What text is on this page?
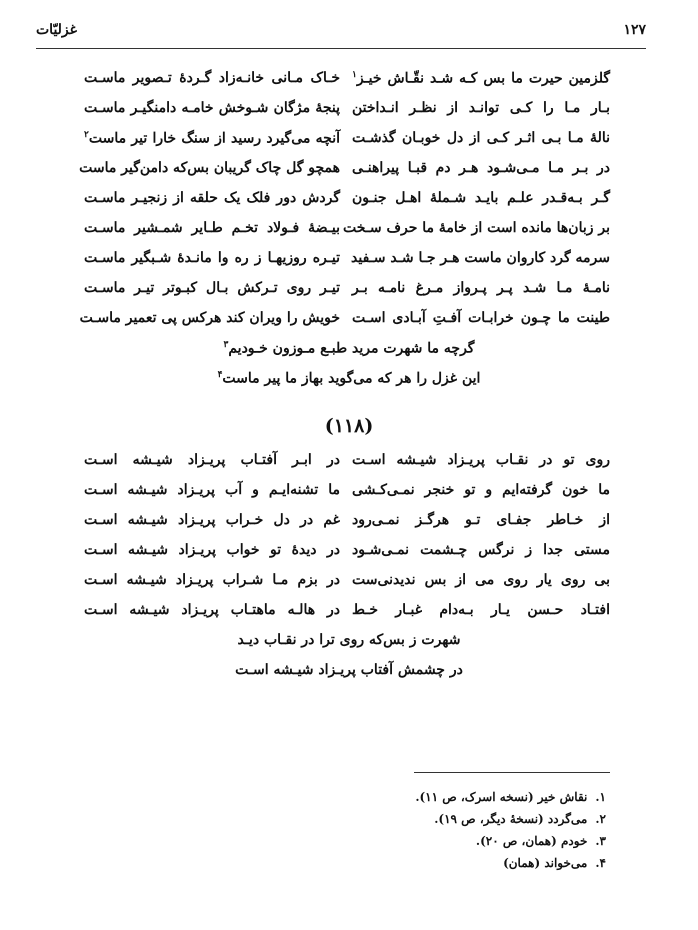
۱۲۷
غزلیّات
گلزمین حیرت ما بس کـه شـد نقّـاش خیـز$^۱$
خـاک مـانی خانـه‌زاد گـردهٔ تـصویر ماسـت
بـار مـا را کـی توانـد از نظـر انـداختن
پنجهٔ مژگان شـوخش خامـه دامنگیـر ماسـت
نالهٔ مـا بـی اثـر کـی از دل خوبـان گذشـت
آنچه می‌گیرد رسید از سنگ خارا تیر ماست$^۲$
در بـر مـا مـی‌شـود هـر دم قبـا پیراهنـی
همچو گل چاک گریبان بس‌که دامن‌گیر ماست
گـر بـه‌قـدر علـم بایـد شـملهٔ اهـل جنـون
گردش دور فلک یک حلقه از زنجیـر ماسـت
بر زبان‌ها مانده است از خامهٔ ما حرف سـخت
بیـضهٔ فـولاد تخـم طـایر شمـشیر ماسـت
سرمه گرد کاروان ماست هـر جـا شـد سـفید
تیـره روزیهـا ز ره وا مانـدهٔ شـبگیر ماسـت
نامـهٔ مـا شـد پـر پـرواز مـرغ نامـه بـر
تیـر روی تـرکش بـال کبـوتر تیـر ماسـت
طینت ما چـون خرابـات آفـتِ آبـادی اسـت
خویش را ویران کند هرکس پی تعمیر ماسـت
گرچه ما شهرت مرید طبـع مـوزون خـودیم$^۳$
این غزل را هر که می‌گوید بهاز ما پیر ماست$^۴$
(۱۱۸)
روی تو در نقـاب پریـزاد شیـشه اسـت
در ابـر آفتـاب پریـزاد شیـشه اسـت
ما خون گرفته‌ایم و تو خنجر نمـی‌کـشی
ما تشنه‌ایـم و آب پریـزاد شیـشه اسـت
از خـاطر جفـای تـو هرگـز نمـی‌رود
غم در دل خـراب پریـزاد شیـشه اسـت
مستی جدا ز نرگس چـشمت نمـی‌شـود
در دیدهٔ تو خواب پریـزاد شیـشه اسـت
بی روی یار روی می از بس ندیدنی‌ست
در بزم مـا شـراب پریـزاد شیـشه اسـت
افتـاد حـسن یـار بـه‌دام غبـار خـط
در هالـه ماهتـاب پریـزاد شیـشه اسـت
شهرت ز بس‌که روی ترا در نقـاب دیـد
در چشمش آفتاب پریـزاد شیـشه اسـت
۱.نقاش خیر (نسخه اسرک، ص ۱۱).
۲.می‌گردد (نسخهٔ دیگر، ص ۱۹).
۳.خودم (همان، ص ۲۰).
۴.می‌خواند (همان)
